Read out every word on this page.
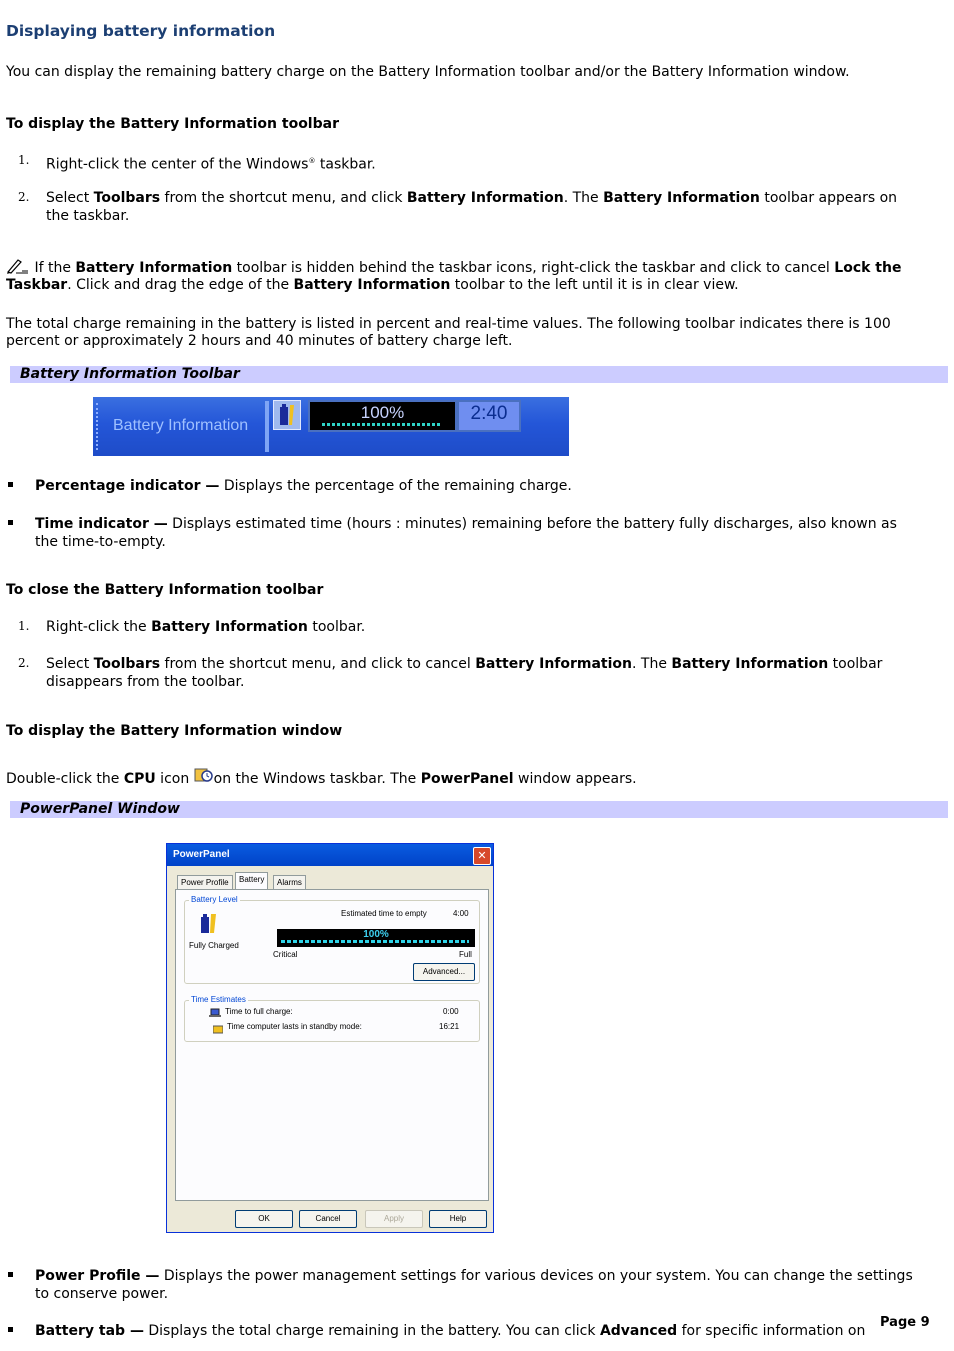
Displaying battery information
You can display the remaining battery charge on the Battery Information toolbar and/or the Battery Information window.
To display the Battery Information toolbar
1. Right-click the center of the Windows® taskbar.
2. Select Toolbars from the shortcut menu, and click Battery Information. The Battery Information toolbar appears on the taskbar.
If the Battery Information toolbar is hidden behind the taskbar icons, right-click the taskbar and click to cancel Lock the Taskbar. Click and drag the edge of the Battery Information toolbar to the left until it is in clear view.
The total charge remaining in the battery is listed in percent and real-time values. The following toolbar indicates there is 100 percent or approximately 2 hours and 40 minutes of battery charge left.
Battery Information Toolbar
Battery Information
100%	2:40
Percentage indicator — Displays the percentage of the remaining charge.
Time indicator — Displays estimated time (hours : minutes) remaining before the battery fully discharges, also known as the time-to-empty.
To close the Battery Information toolbar
1. Right-click the Battery Information toolbar.
2. Select Toolbars from the shortcut menu, and click to cancel Battery Information. The Battery Information toolbar disappears from the toolbar.
To display the Battery Information window
Double-click the CPU icon on the Windows taskbar. The PowerPanel window appears.
PowerPanel Window
PowerPanel	✕
Power Profile	Battery	Alarms
Battery Level
Fully Charged
Estimated time to empty	4:00
100%
Critical	Full
Advanced...
Time Estimates
Time to full charge:	0:00
Time computer lasts in standby mode:	16:21
OK	Cancel	Apply	Help
Power Profile — Displays the power management settings for various devices on your system. You can change the settings to conserve power.
Battery tab — Displays the total charge remaining in the battery. You can click Advanced for specific information on
Page 9
